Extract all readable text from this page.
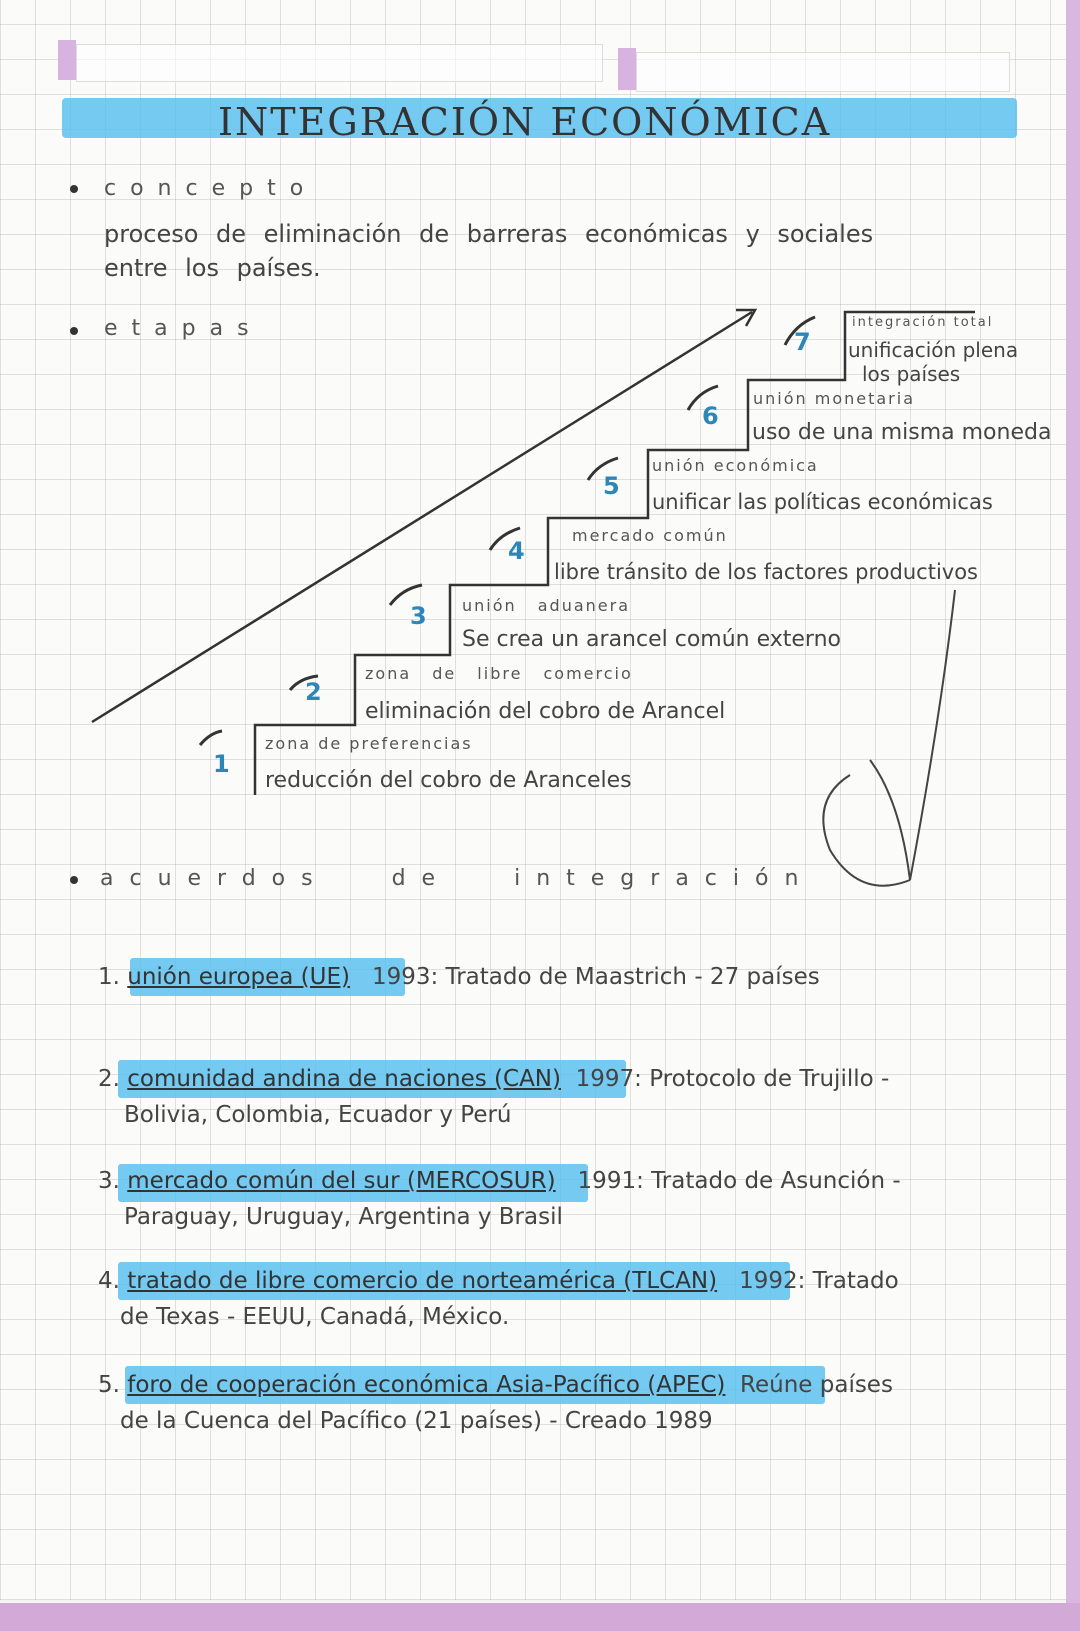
INTEGRACIÓN ECONÓMICA
concepto
proceso de eliminación de barreras económicas y sociales
entre los países.
etapas
1
2
3
4
5
6
7
zona de preferencias
reducción del cobro de Aranceles
zona de libre comercio
eliminación del cobro de Arancel
unión aduanera
Se crea un arancel común externo
mercado común
libre tránsito de los factores productivos
unión económica
unificar las políticas económicas
unión monetaria
uso de una misma moneda
integración total
unificación plena
los países
acuerdos de integración
1. unión europea (UE) 1993: Tratado de Maastrich - 27 países
2. comunidad andina de naciones (CAN) 1997: Protocolo de Trujillo -
Bolivia, Colombia, Ecuador y Perú
3. mercado común del sur (MERCOSUR) 1991: Tratado de Asunción -
Paraguay, Uruguay, Argentina y Brasil
4. tratado de libre comercio de norteamérica (TLCAN) 1992: Tratado
de Texas - EEUU, Canadá, México.
5. foro de cooperación económica Asia-Pacífico (APEC) Reúne países
de la Cuenca del Pacífico (21 países) - Creado 1989
